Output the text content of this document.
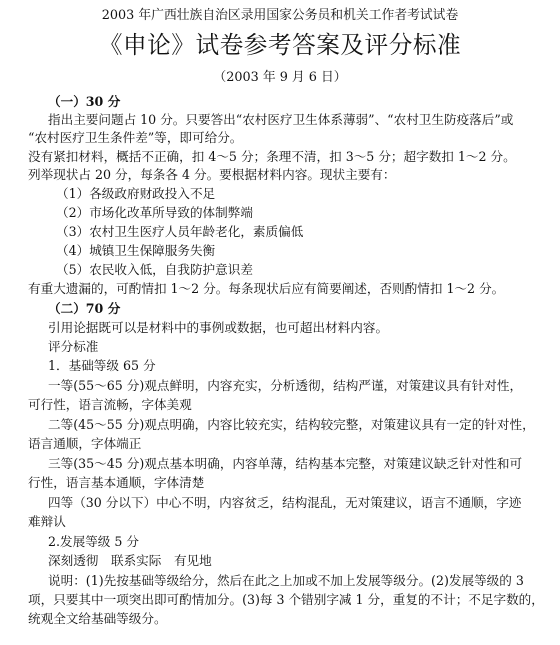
2003 年广西壮族自治区录用国家公务员和机关工作者考试试卷
《申论》试卷参考答案及评分标准
（2003 年 9 月 6 日）
（一）30 分
指出主要问题占 10 分。只要答出“农村医疗卫生体系薄弱”、“农村卫生防疫落后”或
“农村医疗卫生条件差”等，即可给分。
没有紧扣材料，概括不正确，扣 4～5 分；条理不清，扣 3～5 分；超字数扣 1～2 分。
列举现状占 20 分，每条各 4 分。要根据材料内容。现状主要有：
（1）各级政府财政投入不足
（2）市场化改革所导致的体制弊端
（3）农村卫生医疗人员年龄老化，素质偏低
（4）城镇卫生保障服务失衡
（5）农民收入低，自我防护意识差
有重大遗漏的，可酌情扣 1～2 分。每条现状后应有简要阐述，否则酌情扣 1～2 分。
（二）70 分
引用论据既可以是材料中的事例或数据，也可超出材料内容。
评分标准
1．基础等级 65 分
一等(55～65 分)观点鲜明，内容充实，分析透彻，结构严谨，对策建议具有针对性，
可行性，语言流畅，字体美观
二等(45～55 分)观点明确，内容比较充实，结构较完整，对策建议具有一定的针对性，
语言通顺，字体端正
三等(35～45 分)观点基本明确，内容单薄，结构基本完整，对策建议缺乏针对性和可
行性，语言基本通顺，字体清楚
四等（30 分以下）中心不明，内容贫乏，结构混乱，无对策建议，语言不通顺，字迹
难辩认
2.发展等级 5 分
深刻透彻　联系实际　有见地
说明：(1)先按基础等级给分，然后在此之上加或不加上发展等级分。(2)发展等级的 3
项，只要其中一项突出即可酌情加分。(3)每 3 个错别字减 1 分，重复的不计；不足字数的，
统观全文给基础等级分。
